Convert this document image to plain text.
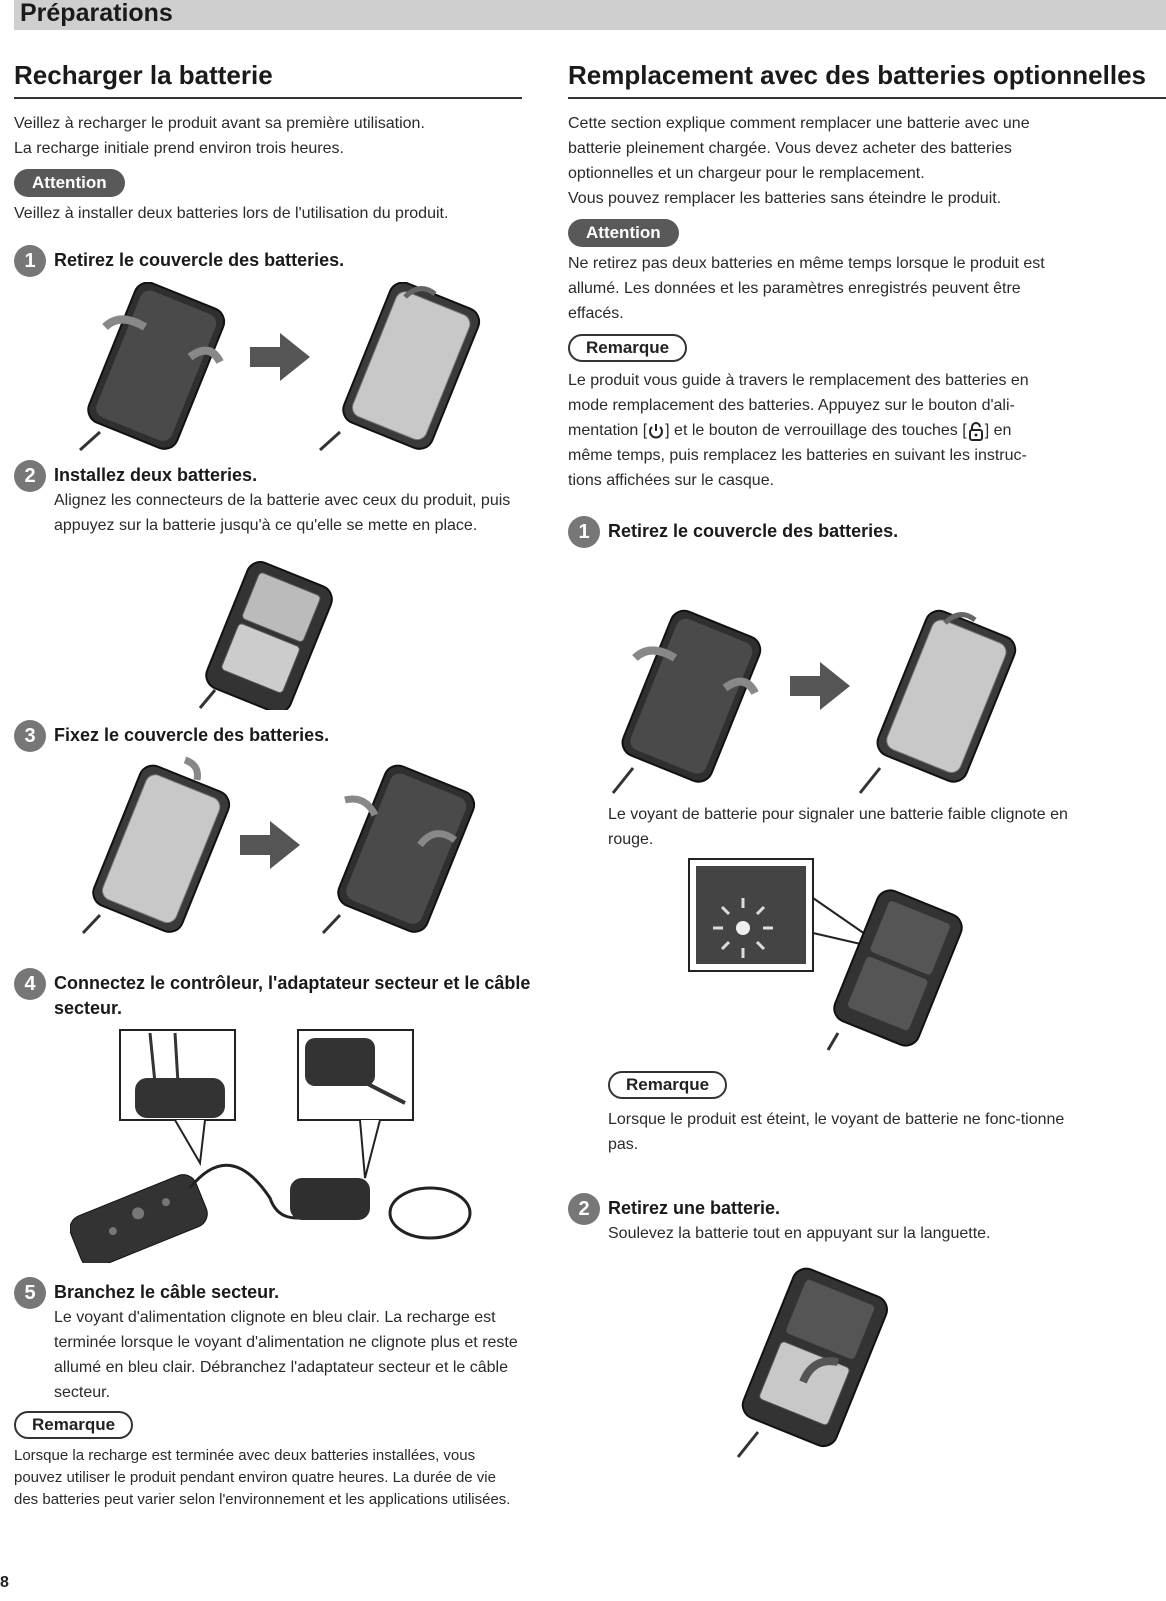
Préparations
Recharger la batterie

Veillez à recharger le produit avant sa première utilisation.

La recharge initiale prend environ trois heures.

Attention

Veillez à installer deux batteries lors de l'utilisation du produit.

1	Retirez le couvercle des batteries.
2	Installez deux batteries.

Alignez les connecteurs de la batterie avec ceux du produit, puis appuyez sur la batterie jusqu'à ce qu'elle se mette en place.

3	Fixez le couvercle des batteries.
4	Connectez le contrôleur, l'adaptateur secteur et le câble secteur.
5	Branchez le câble secteur.

Le voyant d'alimentation clignote en bleu clair. La recharge est terminée lorsque le voyant d'alimentation ne clignote plus et reste allumé en bleu clair. Débranchez l'adaptateur secteur et le câble secteur.

Remarque

Lorsque la recharge est terminée avec deux batteries installées, vous pouvez utiliser le produit pendant environ quatre heures. La durée de vie des batteries peut varier selon l'environnement et les applications utilisées.

8
Remplacement avec des batteries optionnelles

Cette section explique comment remplacer une batterie avec une batterie pleinement chargée. Vous devez acheter des batteries optionnelles et un chargeur pour le remplacement.

Vous pouvez remplacer les batteries sans éteindre le produit.

Attention

Ne retirez pas deux batteries en même temps lorsque le produit est allumé. Les données et les paramètres enregistrés peuvent être effacés.

Remarque

Le produit vous guide à travers le remplacement des batteries en mode remplacement des batteries. Appuyez sur le bouton d'ali-mentation [ ] et le bouton de verrouillage des touches [ ] en même temps, puis remplacez les batteries en suivant les instruc-tions affichées sur le casque.

1	Retirez le couvercle des batteries.

Le voyant de batterie pour signaler une batterie faible clignote en rouge.

Remarque

Lorsque le produit est éteint, le voyant de batterie ne fonc-tionne pas.

2	Retirez une batterie.

Soulevez la batterie tout en appuyant sur la languette.
